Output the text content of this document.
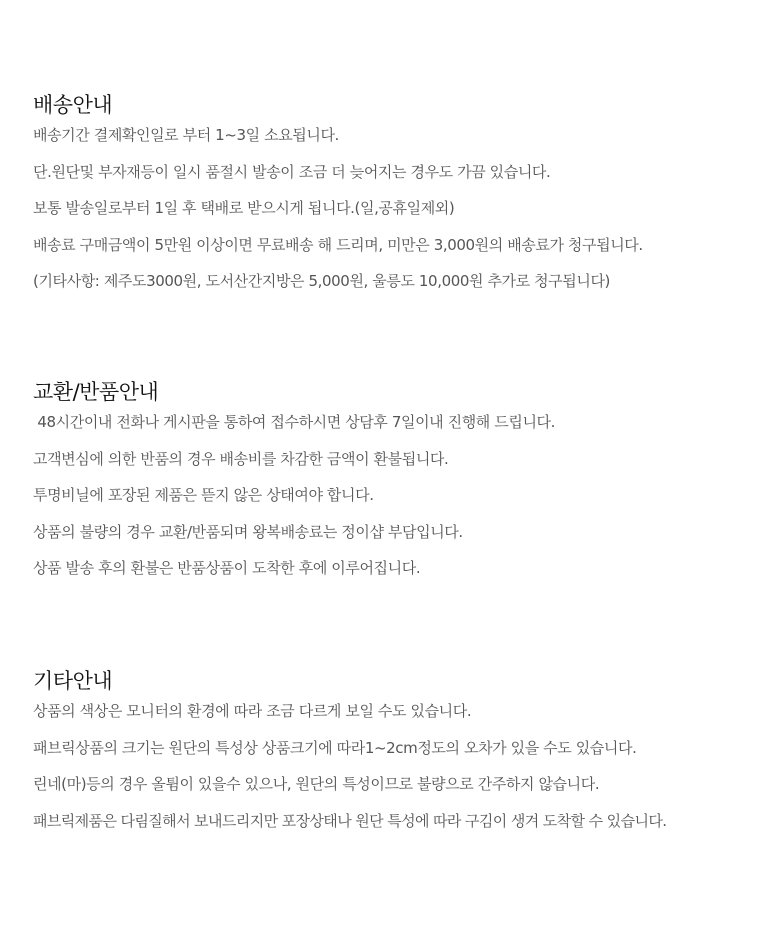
배송안내
배송기간 결제확인일로 부터 1~3일 소요됩니다.
단.원단및 부자재등이 일시 품절시 발송이 조금 더 늦어지는 경우도 가끔 있습니다.
보통 발송일로부터 1일 후 택배로 받으시게 됩니다.(일,공휴일제외)
배송료 구매금액이 5만원 이상이면 무료배송 해 드리며, 미만은 3,000원의 배송료가 청구됩니다.
(기타사항: 제주도3000원, 도서산간지방은 5,000원, 울릉도 10,000원 추가로 청구됩니다)
교환/반품안내
48시간이내 전화나 게시판을 통하여 접수하시면 상담후 7일이내 진행해 드립니다.
고객변심에 의한 반품의 경우 배송비를 차감한 금액이 환불됩니다.
투명비닐에 포장된 제품은 뜯지 않은 상태여야 합니다.
상품의 불량의 경우 교환/반품되며 왕복배송료는 정이샵 부담입니다.
상품 발송 후의 환불은 반품상품이 도착한 후에 이루어집니다.
기타안내
상품의 색상은 모니터의 환경에 따라 조금 다르게 보일 수도 있습니다.
패브릭상품의 크기는 원단의 특성상 상품크기에 따라1~2cm정도의 오차가 있을 수도 있습니다.
린네(마)등의 경우 올튐이 있을수 있으나, 원단의 특성이므로 불량으로 간주하지 않습니다.
패브릭제품은 다림질해서 보내드리지만 포장상태나 원단 특성에 따라 구김이 생겨 도착할 수 있습니다.
